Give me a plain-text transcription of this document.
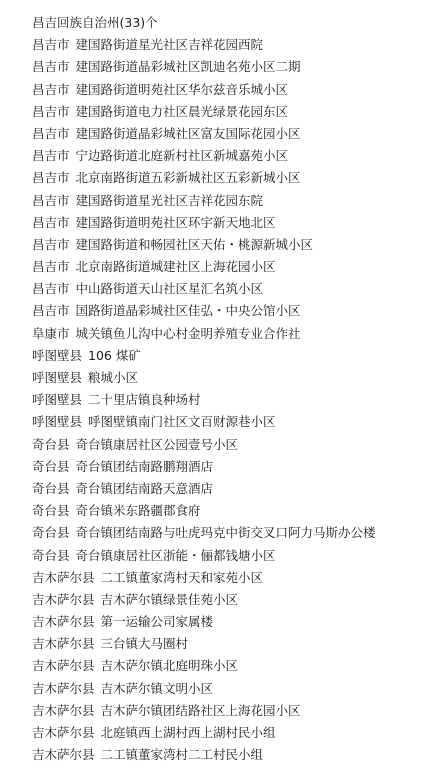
昌吉回族自治州(33)个
昌吉市 建国路街道星光社区吉祥花园西院
昌吉市 建国路街道晶彩城社区凯迪名苑小区二期
昌吉市 建国路街道明苑社区华尔兹音乐城小区
昌吉市 建国路街道电力社区晨光绿景花园东区
昌吉市 建国路街道晶彩城社区富友国际花园小区
昌吉市 宁边路街道北庭新村社区新城嘉苑小区
昌吉市 北京南路街道五彩新城社区五彩新城小区
昌吉市 建国路街道星光社区吉祥花园东院
昌吉市 建国路街道明苑社区环宇新天地北区
昌吉市 建国路街道和畅园社区天佑・桃源新城小区
昌吉市 北京南路街道城建社区上海花园小区
昌吉市 中山路街道天山社区星汇名筑小区
昌吉市 国路街道晶彩城社区佳弘・中央公馆小区
阜康市 城关镇鱼儿沟中心村金明养殖专业合作社
呼图壁县 106 煤矿
呼图壁县 粮城小区
呼图壁县 二十里店镇良种场村
呼图壁县 呼图壁镇南门社区文百财源巷小区
奇台县 奇台镇康居社区公园壹号小区
奇台县 奇台镇团结南路鹏翔酒店
奇台县 奇台镇团结南路天意酒店
奇台县 奇台镇米东路疆郡食府
奇台县 奇台镇团结南路与吐虎玛克中街交叉口阿力马斯办公楼
奇台县 奇台镇康居社区浙能・俪都钱塘小区
吉木萨尔县 二工镇董家湾村天和家苑小区
吉木萨尔县 吉木萨尔镇绿景佳苑小区
吉木萨尔县 第一运输公司家属楼
吉木萨尔县 三台镇大马圈村
吉木萨尔县 吉木萨尔镇北庭明珠小区
吉木萨尔县 吉木萨尔镇文明小区
吉木萨尔县 吉木萨尔镇团结路社区上海花园小区
吉木萨尔县 北庭镇西上湖村西上湖村民小组
吉木萨尔县 二工镇董家湾村二工村民小组
